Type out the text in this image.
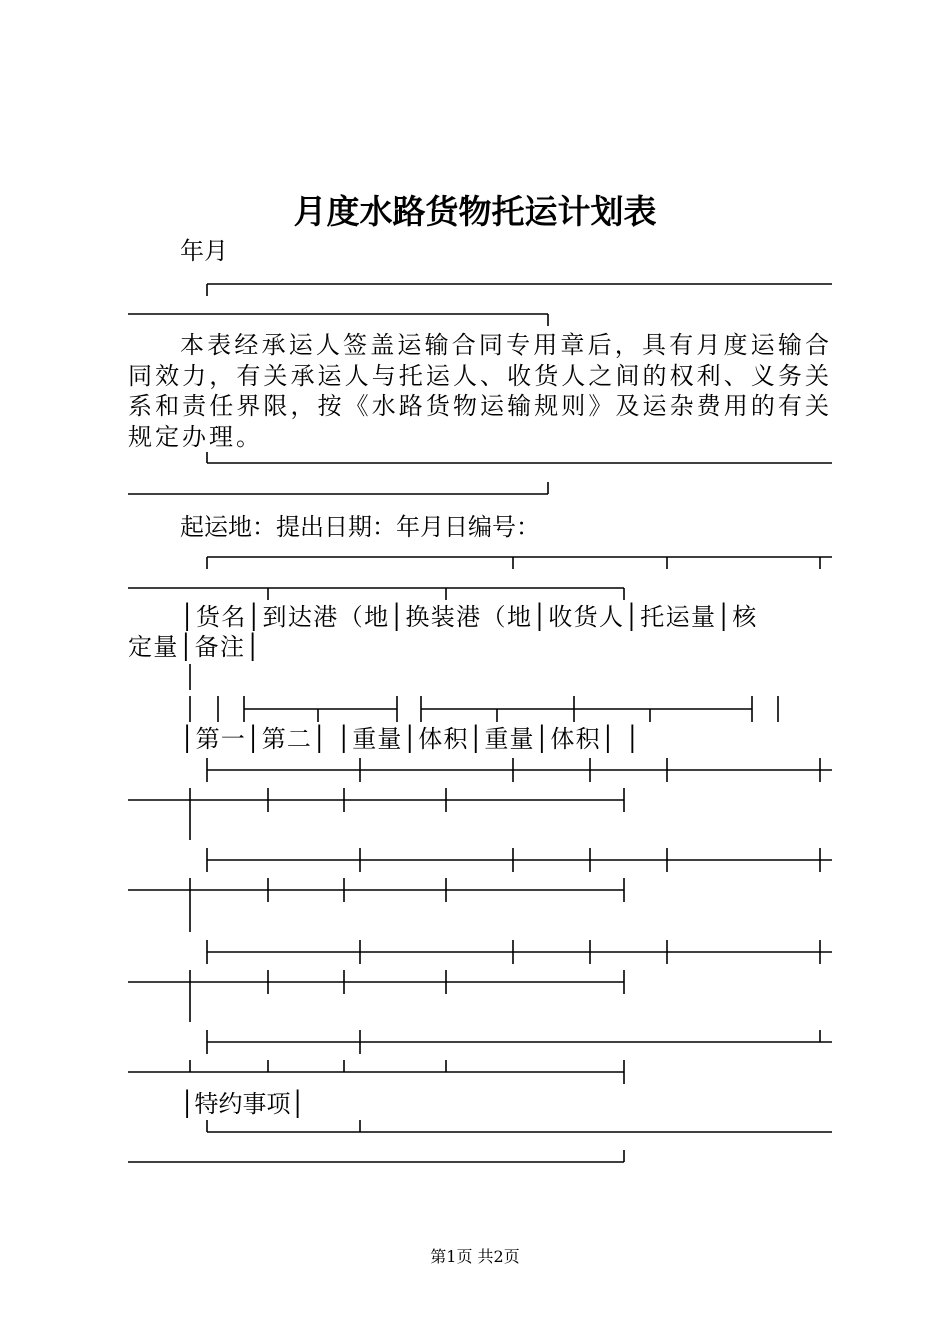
月度水路货物托运计划表
年月

本表经承运人签盖运输合同专用章后，具有月度运输合同效力，有关承运人与托运人、收货人之间的权利、义务关系和责任界限，按《水路货物运输规则》及运杂费用的有关规定办理。

起运地：提出日期：年月日编号：
│货名│到达港（地│换装港（地│收货人│托运量│核
定量│备注│
│第一│第二│ │重量│体积│重量│体积│ │
│特约事项│
第1页 共2页
